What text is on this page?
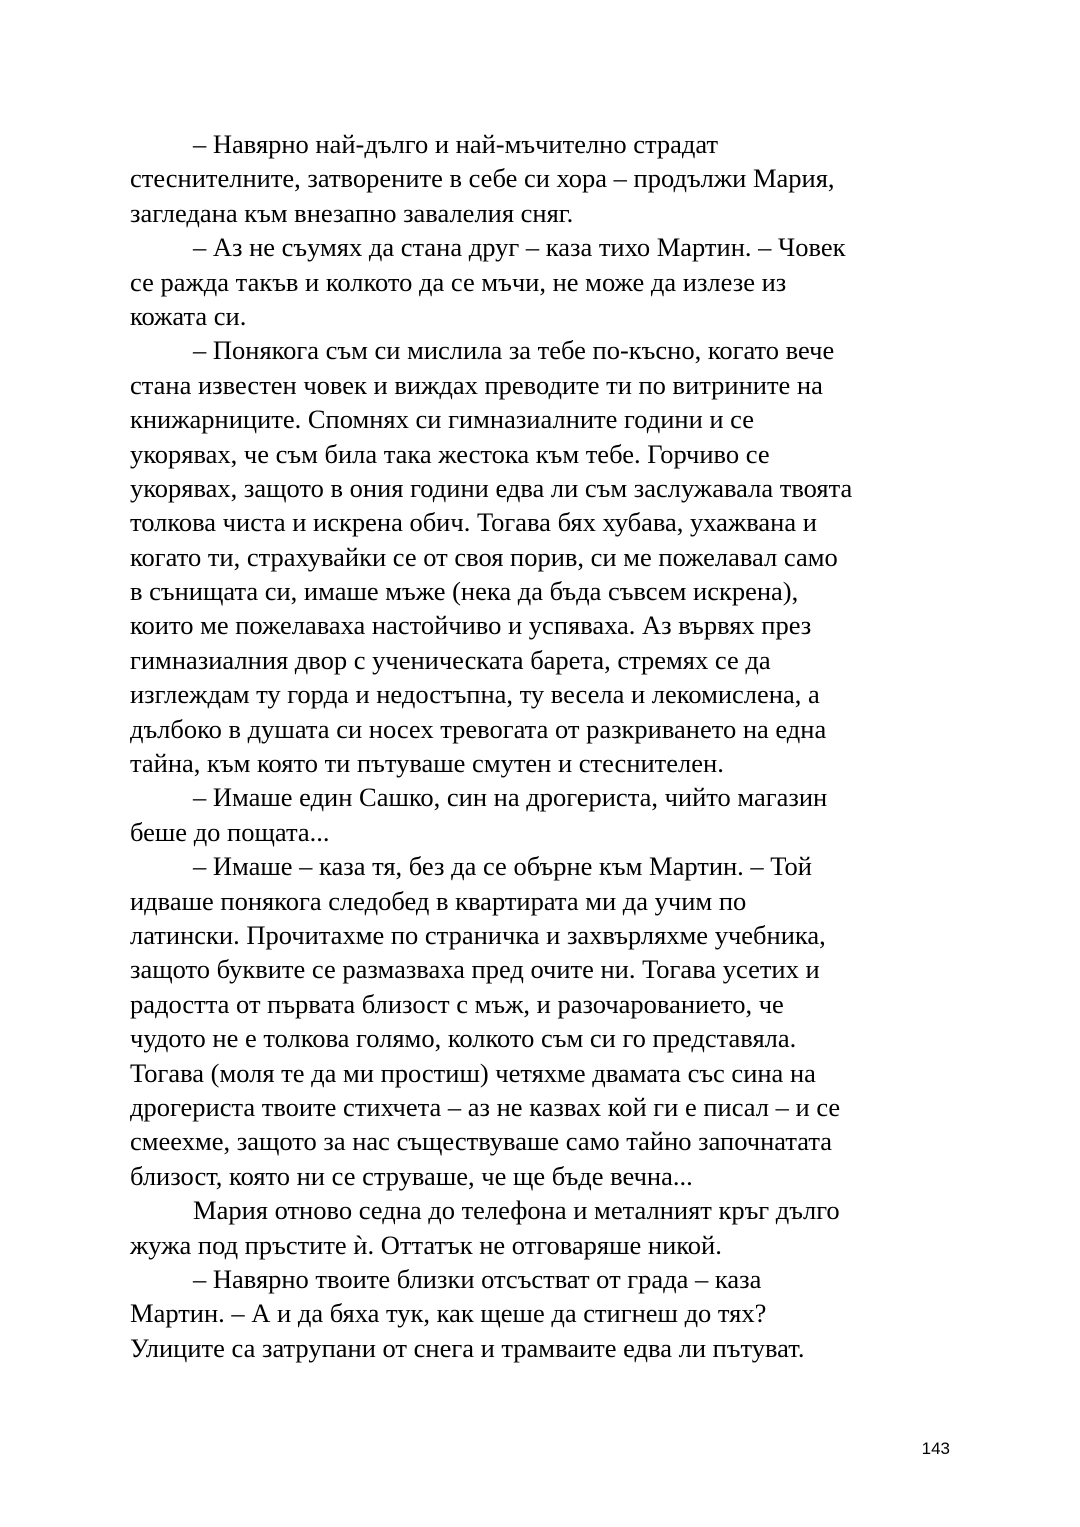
– Навярно най-дълго и най-мъчително страдат
стеснителните, затворените в себе си хора – продължи Мария,
загледана към внезапно завалелия сняг.
– Аз не съумях да стана друг – каза тихо Мартин. – Човек
се ражда такъв и колкото да се мъчи, не може да излезе из
кожата си.
– Понякога съм си мислила за тебе по-късно, когато вече
стана известен човек и виждах преводите ти по витрините на
книжарниците. Спомнях си гимназиалните години и се
укорявах, че съм била така жестока към тебе. Горчиво се
укорявах, защото в ония години едва ли съм заслужавала твоята
толкова чиста и искрена обич. Тогава бях хубава, ухажвана и
когато ти, страхувайки се от своя порив, си ме пожелавал само
в сънищата си, имаше мъже (нека да бъда съвсем искрена),
които ме пожелаваха настойчиво и успяваха. Аз вървях през
гимназиалния двор с ученическата барета, стремях се да
изглеждам ту горда и недостъпна, ту весела и лекомислена, а
дълбоко в душата си носех тревогата от разкриването на една
тайна, към която ти пътуваше смутен и стеснителен.
– Имаше един Сашко, син на дрогериста, чийто магазин
беше до пощата...
– Имаше – каза тя, без да се обърне към Мартин. – Той
идваше понякога следобед в квартирата ми да учим по
латински. Прочитахме по страничка и захвърляхме учебника,
защото буквите се размазваха пред очите ни. Тогава усетих и
радостта от първата близост с мъж, и разочарованието, че
чудото не е толкова голямо, колкото съм си го представяла.
Тогава (моля те да ми простиш) четяхме двамата със сина на
дрогериста твоите стихчета – аз не казвах кой ги е писал – и се
смеехме, защото за нас съществуваше само тайно започнатата
близост, която ни се струваше, че ще бъде вечна...
Мария отново седна до телефона и металният кръг дълго
жужа под пръстите ѝ. Оттатък не отговаряше никой.
– Навярно твоите близки отсъстват от града – каза
Мартин. – А и да бяха тук, как щеше да стигнеш до тях?
Улиците са затрупани от снега и трамваите едва ли пътуват.
143
